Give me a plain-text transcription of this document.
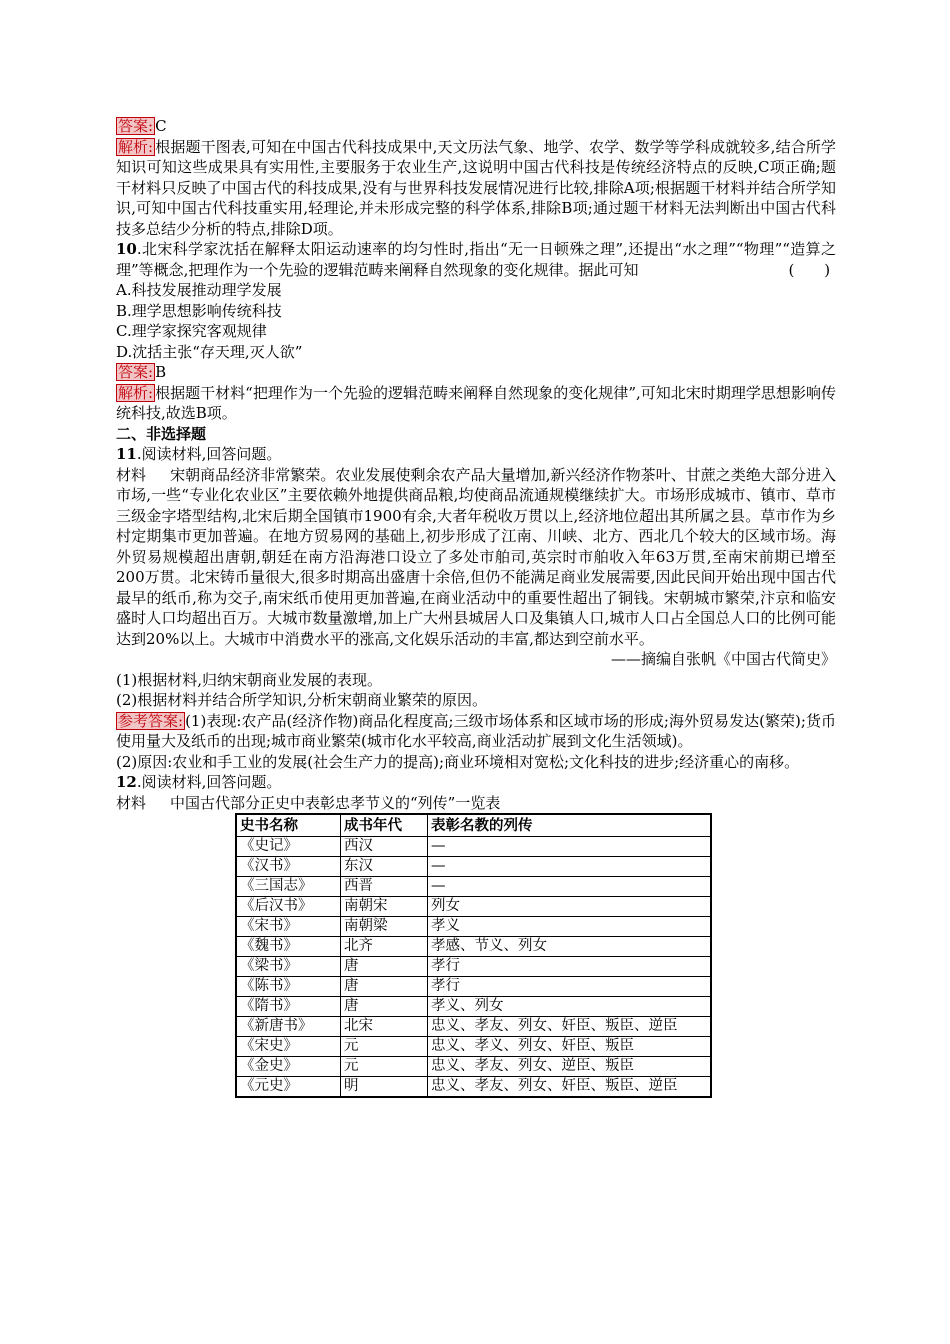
答案: C

解析: 根据题干图表,可知在中国古代科技成果中,天文历法气象、地学、农学、数学等学科成就较多,结合所学知识可知这些成果具有实用性,主要服务于农业生产,这说明中国古代科技是传统经济特点的反映,C项正确;题干材料只反映了中国古代的科技成果,没有与世界科技发展情况进行比较,排除A项;根据题干材料并结合所学知识,可知中国古代科技重实用,轻理论,并未形成完整的科学体系,排除B项;通过题干材料无法判断出中国古代科技多总结少分析的特点,排除D项。

10.北宋科学家沈括在解释太阳运动速率的均匀性时,指出“无一日顿殊之理”,还提出“水之理”“物理”“造算之理”等概念,把理作为一个先验的逻辑范畴来阐释自然现象的变化规律。据此可知	(　　)

A.科技发展推动理学发展

B.理学思想影响传统科技

C.理学家探究客观规律

D.沈括主张“存天理,灭人欲”

答案: B

解析: 根据题干材料“把理作为一个先验的逻辑范畴来阐释自然现象的变化规律”,可知北宋时期理学思想影响传统科技,故选B项。

二、非选择题

11.阅读材料,回答问题。

材料 宋朝商品经济非常繁荣。农业发展使剩余农产品大量增加,新兴经济作物茶叶、甘蔗之类绝大部分进入市场,一些“专业化农业区”主要依赖外地提供商品粮,均使商品流通规模继续扩大。市场形成城市、镇市、草市三级金字塔型结构,北宋后期全国镇市1900有余,大者年税收万贯以上,经济地位超出其所属之县。草市作为乡村定期集市更加普遍。在地方贸易网的基础上,初步形成了江南、川峡、北方、西北几个较大的区域市场。海外贸易规模超出唐朝,朝廷在南方沿海港口设立了多处市舶司,英宗时市舶收入年63万贯,至南宋前期已增至200万贯。北宋铸币量很大,很多时期高出盛唐十余倍,但仍不能满足商业发展需要,因此民间开始出现中国古代最早的纸币,称为交子,南宋纸币使用更加普遍,在商业活动中的重要性超出了铜钱。宋朝城市繁荣,汴京和临安盛时人口均超出百万。大城市数量激增,加上广大州县城居人口及集镇人口,城市人口占全国总人口的比例可能达到20%以上。大城市中消费水平的涨高,文化娱乐活动的丰富,都达到空前水平。

——摘编自张帆《中国古代简史》

(1)根据材料,归纳宋朝商业发展的表现。

(2)根据材料并结合所学知识,分析宋朝商业繁荣的原因。

参考答案: (1)表现:农产品(经济作物)商品化程度高;三级市场体系和区域市场的形成;海外贸易发达(繁荣);货币使用量大及纸币的出现;城市商业繁荣(城市化水平较高,商业活动扩展到文化生活领域)。

(2)原因:农业和手工业的发展(社会生产力的提高);商业环境相对宽松;文化科技的进步;经济重心的南移。

12.阅读材料,回答问题。

材料 中国古代部分正史中表彰忠孝节义的“列传”一览表

史书名称	成书年代	表彰名教的列传
《史记》	西汉	—
《汉书》	东汉	—
《三国志》	西晋	—
《后汉书》	南朝宋	列女
《宋书》	南朝梁	孝义
《魏书》	北齐	孝感、节义、列女
《梁书》	唐	孝行
《陈书》	唐	孝行
《隋书》	唐	孝义、列女
《新唐书》	北宋	忠义、孝友、列女、奸臣、叛臣、逆臣
《宋史》	元	忠义、孝义、列女、奸臣、叛臣
《金史》	元	忠义、孝友、列女、逆臣、叛臣
《元史》	明	忠义、孝友、列女、奸臣、叛臣、逆臣
